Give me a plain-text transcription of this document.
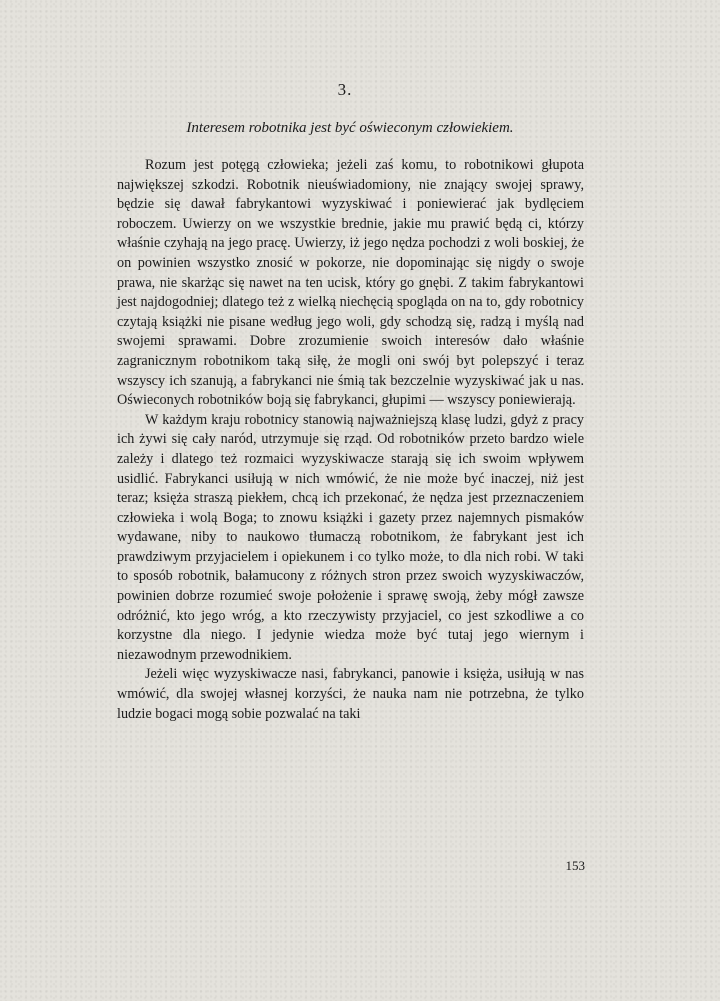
3.
Interesem robotnika jest być oświeconym człowiekiem.

Rozum jest potęgą człowieka; jeżeli zaś komu, to robotnikowi głupota największej szkodzi. Robotnik nieuświadomiony, nie znający swojej sprawy, będzie się dawał fabrykantowi wyzyskiwać i poniewierać jak bydlęciem roboczem. Uwierzy on we wszystkie brednie, jakie mu prawić będą ci, którzy właśnie czyhają na jego pracę. Uwierzy, iż jego nędza pochodzi z woli boskiej, że on powinien wszystko znosić w pokorze, nie dopominając się nigdy o swoje prawa, nie skarżąc się nawet na ten ucisk, który go gnębi. Z takim fabrykantowi jest najdogodniej; dlatego też z wielką niechęcią spogląda on na to, gdy robotnicy czytają książki nie pisane według jego woli, gdy schodzą się, radzą i myślą nad swojemi sprawami. Dobre zrozumienie swoich interesów dało właśnie zagranicznym robotnikom taką siłę, że mogli oni swój byt polepszyć i teraz wszyscy ich szanują, a fabrykanci nie śmią tak bezczelnie wyzyskiwać jak u nas. Oświeconych robotników boją się fabrykanci, głupimi — wszyscy poniewierają.

W każdym kraju robotnicy stanowią najważniejszą klasę ludzi, gdyż z pracy ich żywi się cały naród, utrzymuje się rząd. Od robotników przeto bardzo wiele zależy i dlatego też rozmaici wyzyskiwacze starają się ich swoim wpływem usidlić. Fabrykanci usiłują w nich wmówić, że nie może być inaczej, niż jest teraz; księża straszą piekłem, chcą ich przekonać, że nędza jest przeznaczeniem człowieka i wolą Boga; to znowu książki i gazety przez najemnych pismaków wydawane, niby to naukowo tłumaczą robotnikom, że fabrykant jest ich prawdziwym przyjacielem i opiekunem i co tylko może, to dla nich robi. W taki to sposób robotnik, bałamucony z różnych stron przez swoich wyzyskiwaczów, powinien dobrze rozumieć swoje położenie i sprawę swoją, żeby mógł zawsze odróżnić, kto jego wróg, a kto rzeczywisty przyjaciel, co jest szkodliwe a co korzystne dla niego. I jedynie wiedza może być tutaj jego wiernym i niezawodnym przewodnikiem.

Jeżeli więc wyzyskiwacze nasi, fabrykanci, panowie i księża, usiłują w nas wmówić, dla swojej własnej korzyści, że nauka nam nie potrzebna, że tylko ludzie bogaci mogą sobie pozwalać na taki

153
